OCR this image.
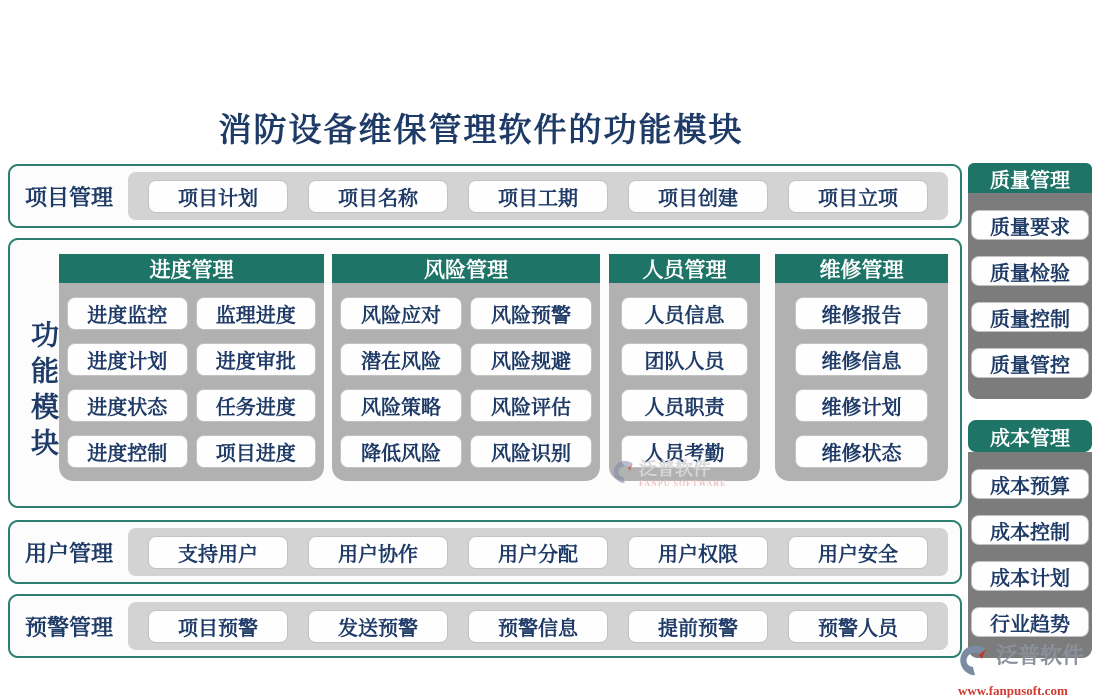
消防设备维保管理软件的功能模块
项目管理	项目计划	项目名称	项目工期	项目创建	项目立项
功能模块
进度管理
进度监控	监理进度
进度计划	进度审批
进度状态	任务进度
进度控制	项目进度
风险管理
风险应对	风险预警
潜在风险	风险规避
风险策略	风险评估
降低风险	风险识别
人员管理
人员信息
团队人员
人员职责
人员考勤
维修管理
维修报告
维修信息
维修计划
维修状态
用户管理	支持用户	用户协作	用户分配	用户权限	用户安全
预警管理	项目预警	发送预警	预警信息	提前预警	预警人员
质量管理
质量要求
质量检验
质量控制
质量管控
成本管理
成本预算
成本控制
成本计划
行业趋势
泛普软件
FANPU SOFTWARE
泛普软件
www.fanpusoft.com
